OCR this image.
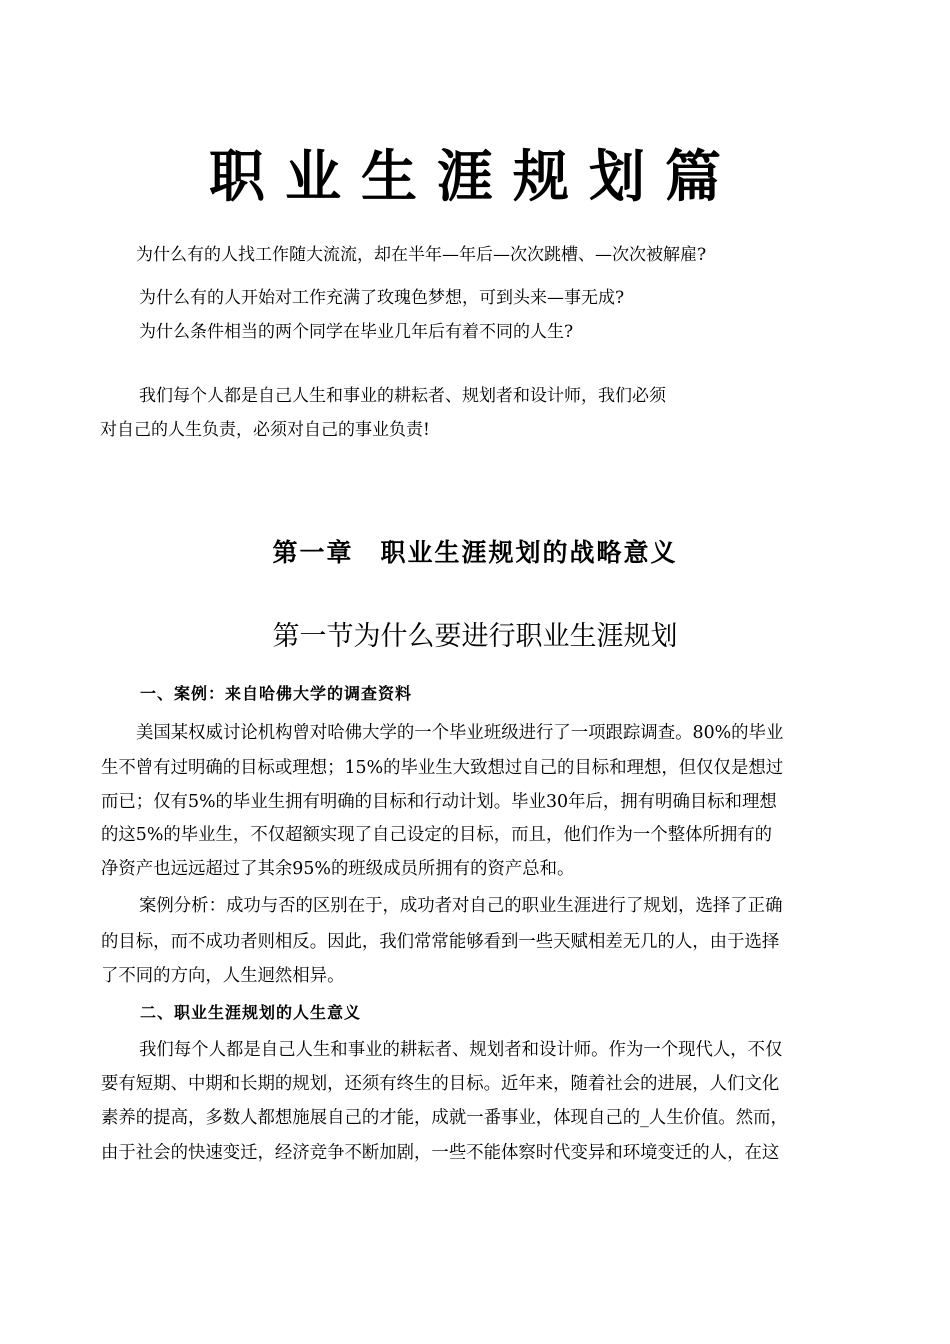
职业生涯规划篇
为什么有的人找工作随大流流，却在半年—年后—次次跳槽、—次次被解雇?
为什么有的人开始对工作充满了玫瑰色梦想，可到头来—事无成?
为什么条件相当的两个同学在毕业几年后有着不同的人生?
我们每个人都是自己人生和事业的耕耘者、规划者和设计师，我们必须
对自己的人生负责，必须对自己的事业负责!
第一章　职业生涯规划的战略意义
第一节为什么要进行职业生涯规划
一、案例：来自哈佛大学的调查资料
美国某权威讨论机构曾对哈佛大学的一个毕业班级进行了一项跟踪调查。80%的毕业
生不曾有过明确的目标或理想；15%的毕业生大致想过自己的目标和理想，但仅仅是想过
而已；仅有5%的毕业生拥有明确的目标和行动计划。毕业30年后，拥有明确目标和理想
的这5%的毕业生，不仅超额实现了自己设定的目标，而且，他们作为一个整体所拥有的
净资产也远远超过了其余95%的班级成员所拥有的资产总和。
案例分析：成功与否的区别在于，成功者对自己的职业生涯进行了规划，选择了正确
的目标，而不成功者则相反。因此，我们常常能够看到一些天赋相差无几的人，由于选择
了不同的方向，人生迥然相异。
二、职业生涯规划的人生意义
我们每个人都是自己人生和事业的耕耘者、规划者和设计师。作为一个现代人，不仅
要有短期、中期和长期的规划，还须有终生的目标。近年来，随着社会的进展，人们文化
素养的提高，多数人都想施展自己的才能，成就一番事业，体现自己的_人生价值。然而，
由于社会的快速变迁，经济竞争不断加剧，一些不能体察时代变异和环境变迁的人，在这
